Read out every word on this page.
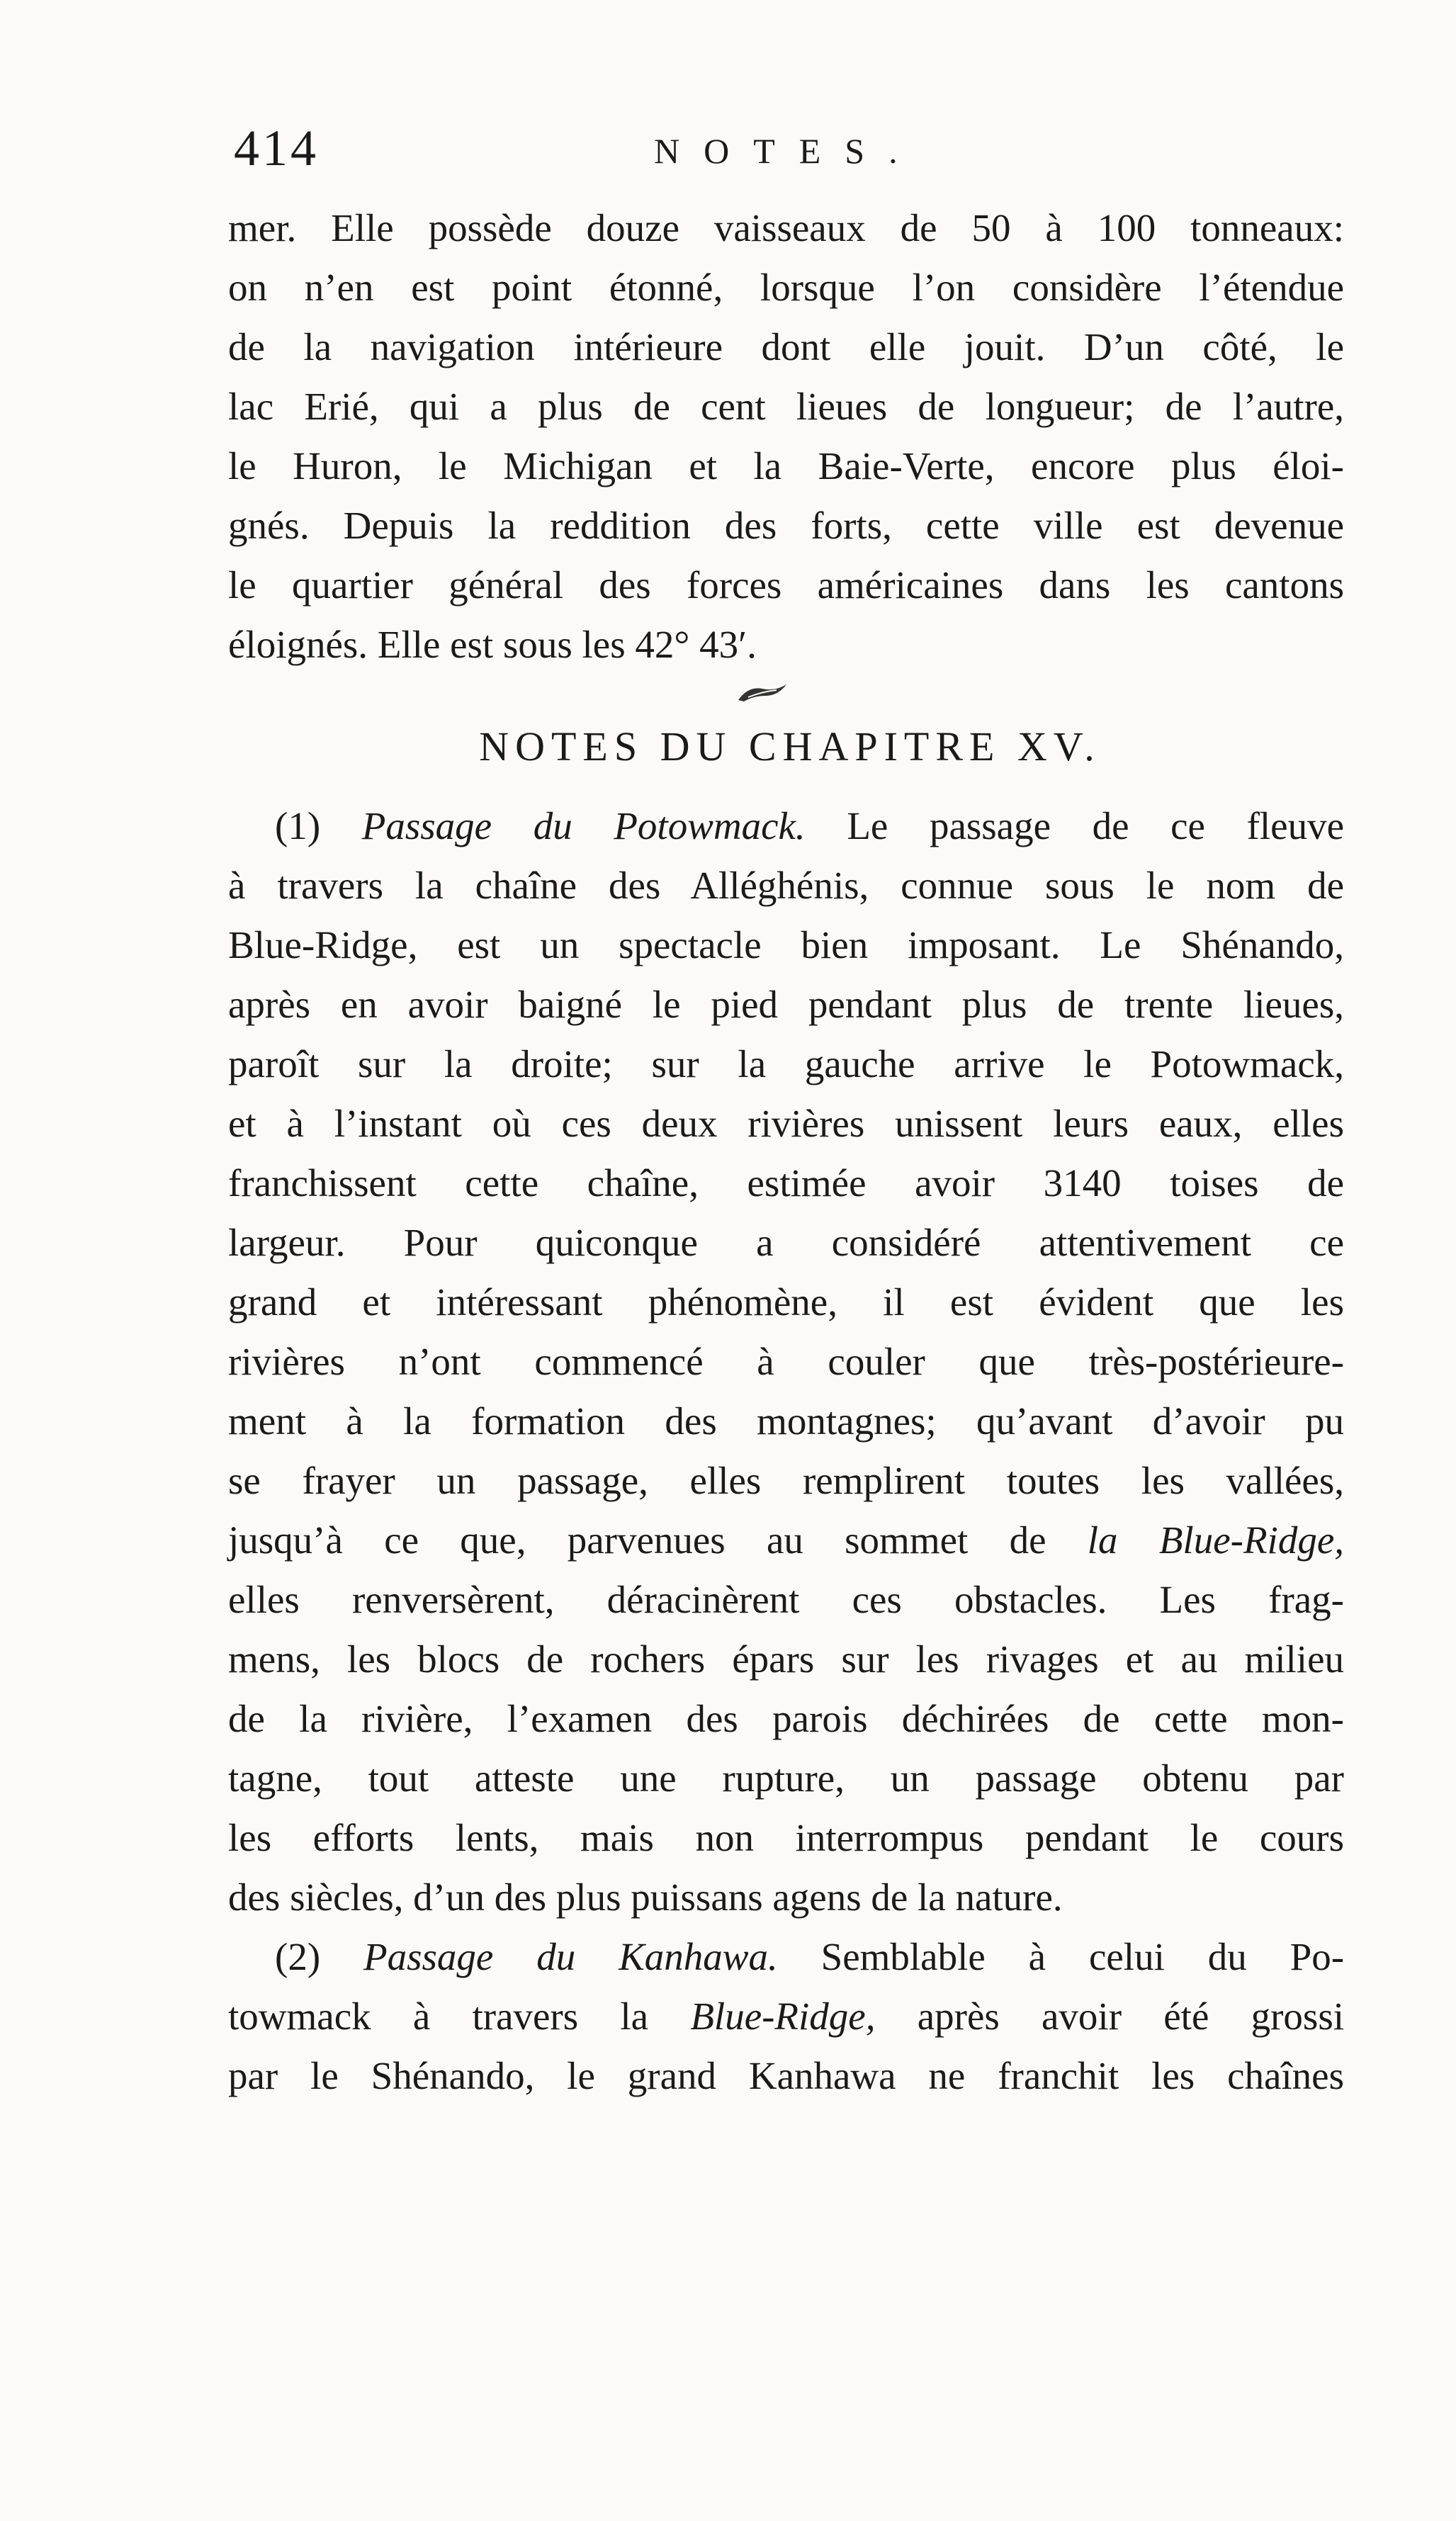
414	NOTES.
mer. Elle possède douze vaisseaux de 50 à 100 tonneaux:
on n’en est point étonné, lorsque l’on considère l’étendue
de la navigation intérieure dont elle jouit. D’un côté, le
lac Erié, qui a plus de cent lieues de longueur; de l’autre,
le Huron, le Michigan et la Baie-Verte, encore plus éloi-
gnés. Depuis la reddition des forts, cette ville est devenue
le quartier général des forces américaines dans les cantons
éloignés. Elle est sous les 42° 43′.
NOTES DU CHAPITRE XV.
(1) Passage du Potowmack. Le passage de ce fleuve
à travers la chaîne des Alléghénis, connue sous le nom de
Blue-Ridge, est un spectacle bien imposant. Le Shénando,
après en avoir baigné le pied pendant plus de trente lieues,
paroît sur la droite; sur la gauche arrive le Potowmack,
et à l’instant où ces deux rivières unissent leurs eaux, elles
franchissent cette chaîne, estimée avoir 3140 toises de
largeur. Pour quiconque a considéré attentivement ce
grand et intéressant phénomène, il est évident que les
rivières n’ont commencé à couler que très-postérieure-
ment à la formation des montagnes; qu’avant d’avoir pu
se frayer un passage, elles remplirent toutes les vallées,
jusqu’à ce que, parvenues au sommet de la Blue-Ridge,
elles renversèrent, déracinèrent ces obstacles. Les frag-
mens, les blocs de rochers épars sur les rivages et au milieu
de la rivière, l’examen des parois déchirées de cette mon-
tagne, tout atteste une rupture, un passage obtenu par
les efforts lents, mais non interrompus pendant le cours
des siècles, d’un des plus puissans agens de la nature.
(2) Passage du Kanhawa. Semblable à celui du Po-
towmack à travers la Blue-Ridge, après avoir été grossi
par le Shénando, le grand Kanhawa ne franchit les chaînes
